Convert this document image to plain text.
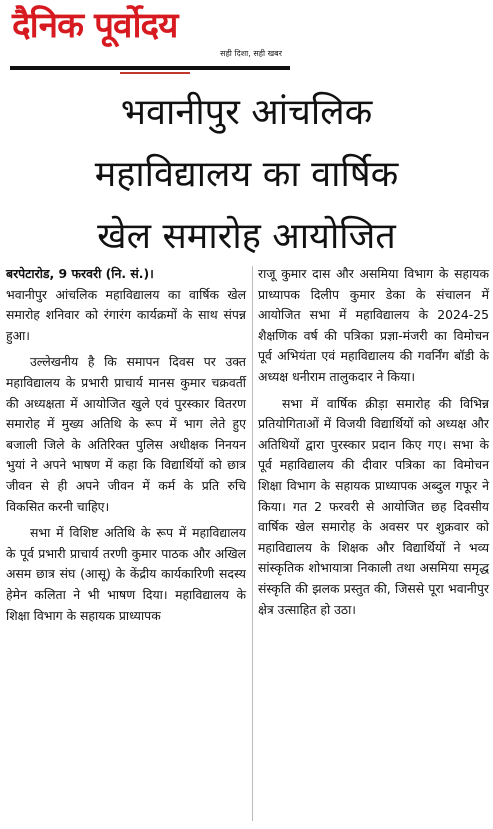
दैनिक पूर्वोदय
सही दिशा, सही खबर
भवानीपुर आंचलिक
महाविद्यालय का वार्षिक
खेल समारोह आयोजित

बरपेटारोड, 9 फरवरी (नि. सं.)।
भवानीपुर आंचलिक महाविद्यालय का वार्षिक खेल समारोह शनिवार को रंगारंग कार्यक्रमों के साथ संपन्न हुआ।

उल्लेखनीय है कि समापन दिवस पर उक्त महाविद्यालय के प्रभारी प्राचार्य मानस कुमार चक्रवर्ती की अध्यक्षता में आयोजित खुले एवं पुरस्कार वितरण समारोह में मुख्य अतिथि के रूप में भाग लेते हुए बजाली जिले के अतिरिक्त पुलिस अधीक्षक निनयन भुयां ने अपने भाषण में कहा कि विद्यार्थियों को छात्र जीवन से ही अपने जीवन में कर्म के प्रति रुचि विकसित करनी चाहिए।

सभा में विशिष्ट अतिथि के रूप में महाविद्यालय के पूर्व प्रभारी प्राचार्य तरणी कुमार पाठक और अखिल असम छात्र संघ (आसू) के केंद्रीय कार्यकारिणी सदस्य हेमेन कलिता ने भी भाषण दिया। महाविद्यालय के शिक्षा विभाग के सहायक प्राध्यापक

राजू कुमार दास और असमिया विभाग के सहायक प्राध्यापक दिलीप कुमार डेका के संचालन में आयोजित सभा में महाविद्यालय के 2024-25 शैक्षणिक वर्ष की पत्रिका प्रज्ञा-मंजरी का विमोचन पूर्व अभियंता एवं महाविद्यालय की गवर्निंग बॉडी के अध्यक्ष धनीराम तालुकदार ने किया।

सभा में वार्षिक क्रीड़ा समारोह की विभिन्न प्रतियोगिताओं में विजयी विद्यार्थियों को अध्यक्ष और अतिथियों द्वारा पुरस्कार प्रदान किए गए। सभा के पूर्व महाविद्यालय की दीवार पत्रिका का विमोचन शिक्षा विभाग के सहायक प्राध्यापक अब्दुल गफूर ने किया। गत 2 फरवरी से आयोजित छह दिवसीय वार्षिक खेल समारोह के अवसर पर शुक्रवार को महाविद्यालय के शिक्षक और विद्यार्थियों ने भव्य सांस्कृतिक शोभायात्रा निकाली तथा असमिया समृद्ध संस्कृति की झलक प्रस्तुत की, जिससे पूरा भवानीपुर क्षेत्र उत्साहित हो उठा।
